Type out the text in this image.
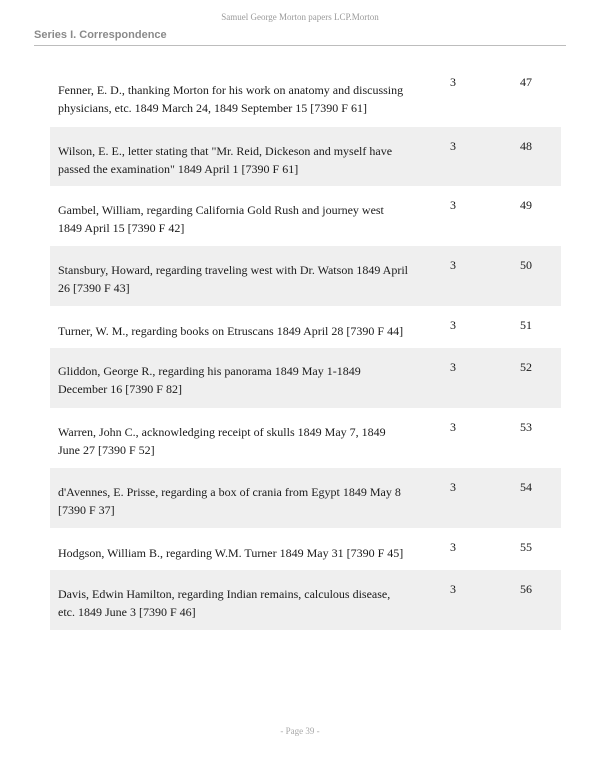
Samuel George Morton papers LCP.Morton
Series I. Correspondence
Fenner, E. D., thanking Morton for his work on anatomy and discussing physicians, etc. 1849 March 24, 1849 September 15 [7390 F 61]
3	47
Wilson, E. E., letter stating that "Mr. Reid, Dickeson and myself have passed the examination" 1849 April 1 [7390 F 61]
3	48
Gambel, William, regarding California Gold Rush and journey west 1849 April 15 [7390 F 42]
3	49
Stansbury, Howard, regarding traveling west with Dr. Watson 1849 April 26 [7390 F 43]
3	50
Turner, W. M., regarding books on Etruscans 1849 April 28 [7390 F 44]	3	51
Gliddon, George R., regarding his panorama 1849 May 1-1849 December 16 [7390 F 82]
3	52
Warren, John C., acknowledging receipt of skulls 1849 May 7, 1849 June 27 [7390 F 52]
3	53
d'Avennes, E. Prisse, regarding a box of crania from Egypt 1849 May 8 [7390 F 37]
3	54
Hodgson, William B., regarding W.M. Turner 1849 May 31 [7390 F 45]	3	55
Davis, Edwin Hamilton, regarding Indian remains, calculous disease, etc. 1849 June 3 [7390 F 46]
3	56
- Page 39 -
